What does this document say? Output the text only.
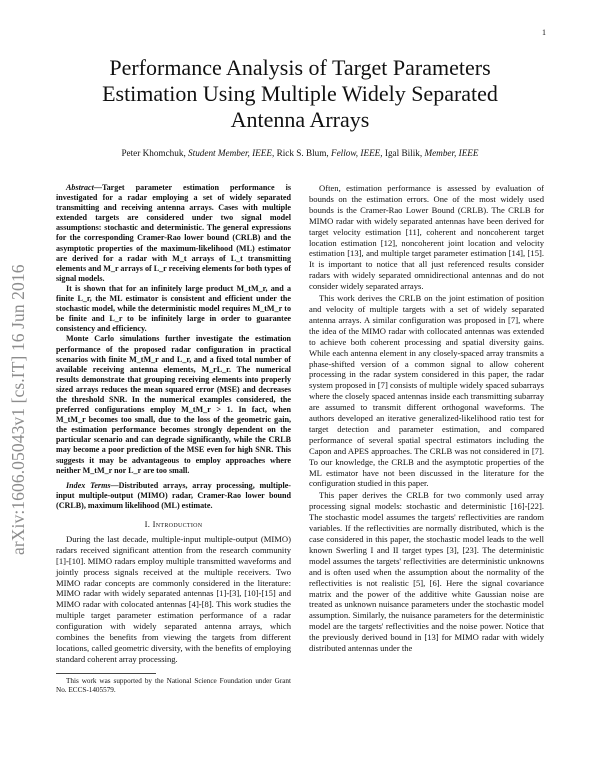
1
arXiv:1606.05043v1 [cs.IT] 16 Jun 2016
Performance Analysis of Target Parameters
Estimation Using Multiple Widely Separated
Antenna Arrays

Peter Khomchuk, Student Member, IEEE, Rick S. Blum, Fellow, IEEE, Igal Bilik, Member, IEEE

Abstract—Target parameter estimation performance is investigated for a radar employing a set of widely separated transmitting and receiving antenna arrays. Cases with multiple extended targets are considered under two signal model assumptions: stochastic and deterministic. The general expressions for the corresponding Cramer-Rao lower bound (CRLB) and the asymptotic properties of the maximum-likelihood (ML) estimator are derived for a radar with M_t arrays of L_t transmitting elements and M_r arrays of L_r receiving elements for both types of signal models.

It is shown that for an infinitely large product M_tM_r, and a finite L_r, the ML estimator is consistent and efficient under the stochastic model, while the deterministic model requires M_tM_r to be finite and L_r to be infinitely large in order to guarantee consistency and efficiency.

Monte Carlo simulations further investigate the estimation performance of the proposed radar configuration in practical scenarios with finite M_tM_r and L_r, and a fixed total number of available receiving antenna elements, M_rL_r. The numerical results demonstrate that grouping receiving elements into properly sized arrays reduces the mean squared error (MSE) and decreases the threshold SNR. In the numerical examples considered, the preferred configurations employ M_tM_r > 1. In fact, when M_tM_r becomes too small, due to the loss of the geometric gain, the estimation performance becomes strongly dependent on the particular scenario and can degrade significantly, while the CRLB may become a poor prediction of the MSE even for high SNR. This suggests it may be advantageous to employ approaches where neither M_tM_r nor L_r are too small.

Index Terms—Distributed arrays, array processing, multiple-input multiple-output (MIMO) radar, Cramer-Rao lower bound (CRLB), maximum likelihood (ML) estimate.

I. Introduction

During the last decade, multiple-input multiple-output (MIMO) radars received significant attention from the research community [1]-[10]. MIMO radars employ multiple transmitted waveforms and jointly process signals received at the multiple receivers. Two MIMO radar concepts are commonly considered in the literature: MIMO radar with widely separated antennas [1]-[3], [10]-[15] and MIMO radar with colocated antennas [4]-[8]. This work studies the multiple target parameter estimation performance of a radar configuration with widely separated antenna arrays, which combines the benefits from viewing the targets from different locations, called geometric diversity, with the benefits of employing standard coherent array processing.

This work was supported by the National Science Foundation under Grant No. ECCS-1405579.

Often, estimation performance is assessed by evaluation of bounds on the estimation errors. One of the most widely used bounds is the Cramer-Rao Lower Bound (CRLB). The CRLB for MIMO radar with widely separated antennas have been derived for target velocity estimation [11], coherent and noncoherent target location estimation [12], noncoherent joint location and velocity estimation [13], and multiple target parameter estimation [14], [15]. It is important to notice that all just referenced results consider radars with widely separated omnidirectional antennas and do not consider widely separated arrays.

This work derives the CRLB on the joint estimation of position and velocity of multiple targets with a set of widely separated antenna arrays. A similar configuration was proposed in [7], where the idea of the MIMO radar with collocated antennas was extended to achieve both coherent processing and spatial diversity gains. While each antenna element in any closely-spaced array transmits a phase-shifted version of a common signal to allow coherent processing in the radar system considered in this paper, the radar system proposed in [7] consists of multiple widely spaced subarrays where the closely spaced antennas inside each transmitting subarray are assumed to transmit different orthogonal waveforms. The authors developed an iterative generalized-likelihood ratio test for target detection and parameter estimation, and compared performance of several spatial spectral estimators including the Capon and APES approaches. The CRLB was not considered in [7]. To our knowledge, the CRLB and the asymptotic properties of the ML estimator have not been discussed in the literature for the configuration studied in this paper.

This paper derives the CRLB for two commonly used array processing signal models: stochastic and deterministic [16]-[22]. The stochastic model assumes the targets' reflectivities are random variables. If the reflectivities are normally distributed, which is the case considered in this paper, the stochastic model leads to the well known Swerling I and II target types [3], [23]. The deterministic model assumes the targets' reflectivities are deterministic unknowns and is often used when the assumption about the normality of the reflectivities is not realistic [5], [6]. Here the signal covariance matrix and the power of the additive white Gaussian noise are treated as unknown nuisance parameters under the stochastic model assumption. Similarly, the nuisance parameters for the deterministic model are the targets' reflectivities and the noise power. Notice that the previously derived bound in [13] for MIMO radar with widely distributed antennas under the
